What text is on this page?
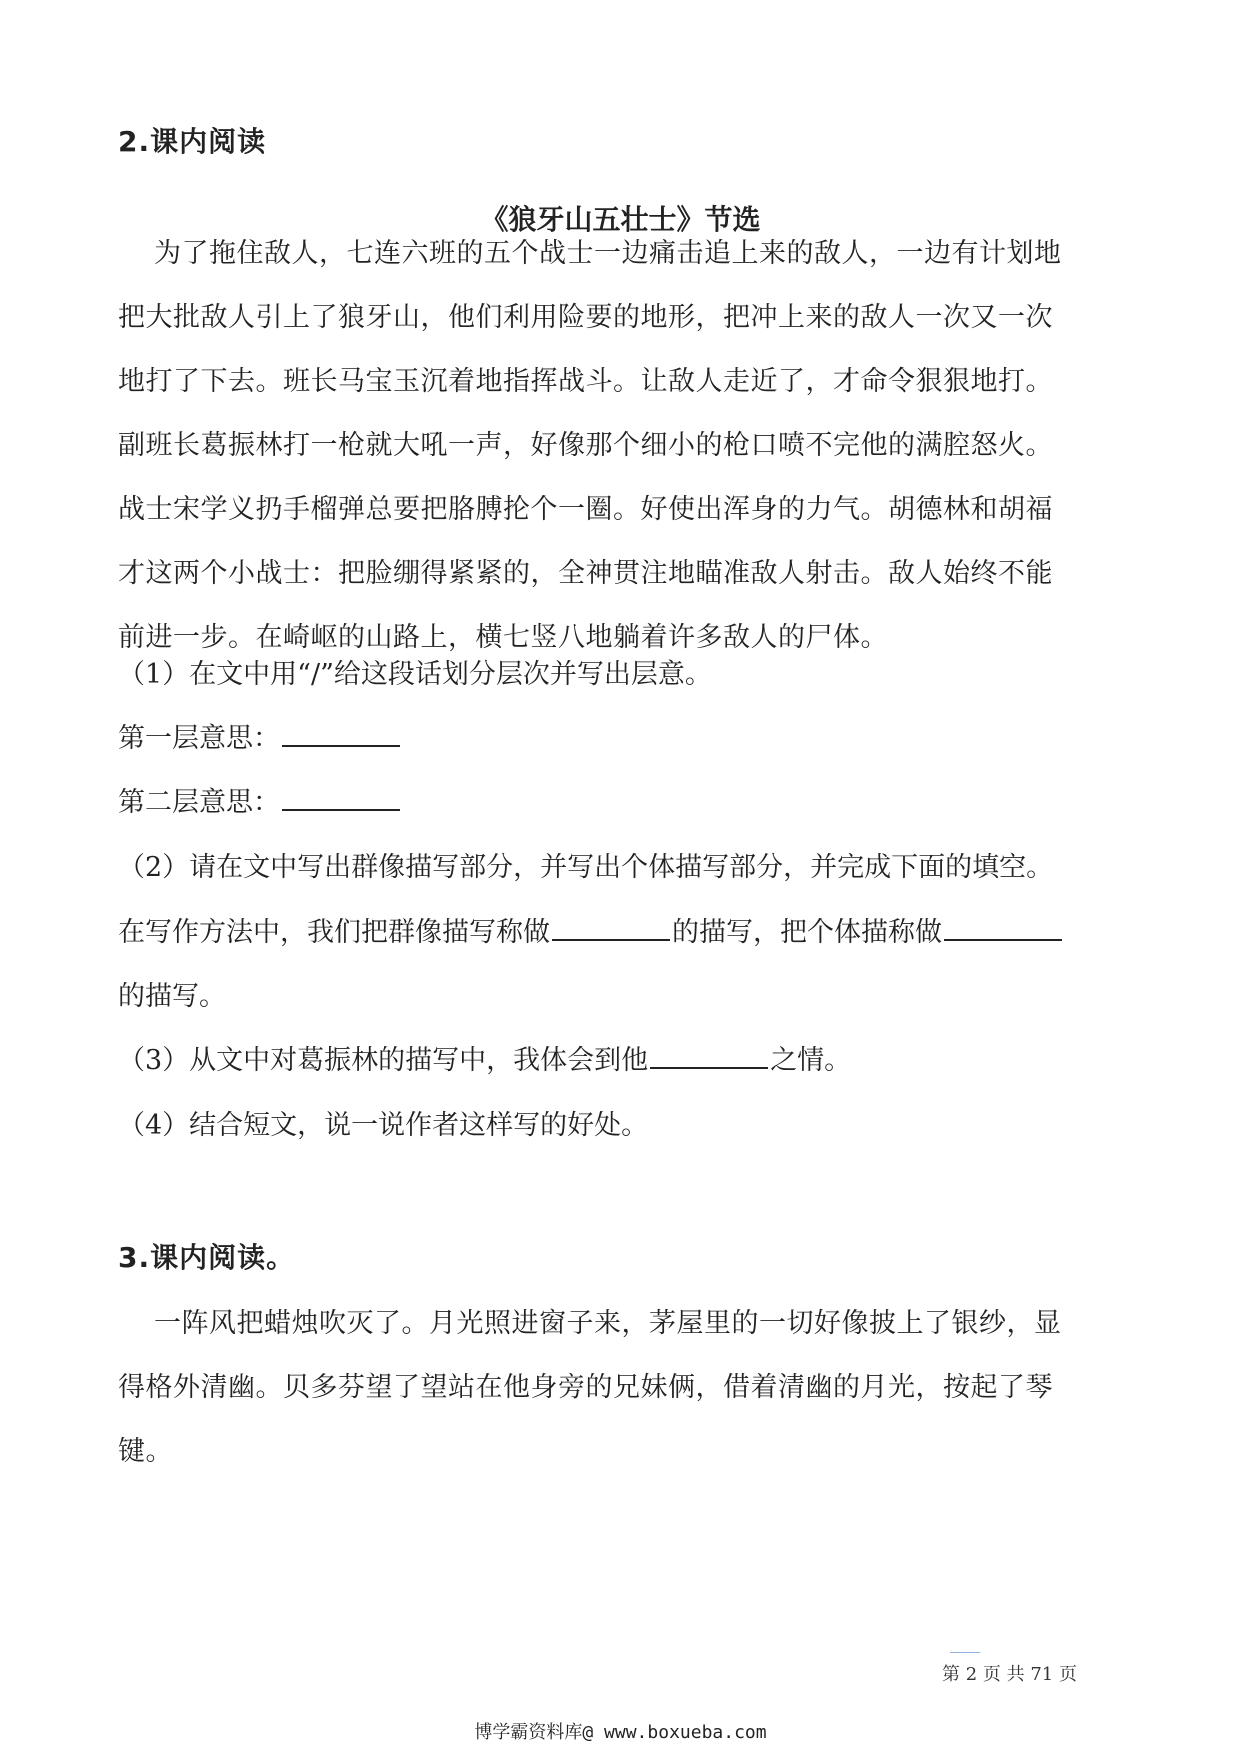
2.课内阅读
《狼牙山五壮士》节选
为了拖住敌人，七连六班的五个战士一边痛击追上来的敌人，一边有计划地
把大批敌人引上了狼牙山，他们利用险要的地形，把冲上来的敌人一次又一次
地打了下去。班长马宝玉沉着地指挥战斗。让敌人走近了，才命令狠狠地打。
副班长葛振林打一枪就大吼一声，好像那个细小的枪口喷不完他的满腔怒火。
战士宋学义扔手榴弹总要把胳膊抡个一圈。好使出浑身的力气。胡德林和胡福
才这两个小战士：把脸绷得紧紧的，全神贯注地瞄准敌人射击。敌人始终不能
前进一步。在崎岖的山路上，横七竖八地躺着许多敌人的尸体。
（1）在文中用“/”给这段话划分层次并写出层意。
第一层意思：
第二层意思：
（2）请在文中写出群像描写部分，并写出个体描写部分，并完成下面的填空。
在写作方法中，我们把群像描写称做	的描写，把个体描称做
的描写。
（3）从文中对葛振林的描写中，我体会到他	之情。
（4）结合短文，说一说作者这样写的好处。
3.课内阅读。
一阵风把蜡烛吹灭了。月光照进窗子来，茅屋里的一切好像披上了银纱，显
得格外清幽。贝多芬望了望站在他身旁的兄妹俩，借着清幽的月光，按起了琴
键。
第 2 页 共 71 页
博学霸资料库@ www.boxueba.com
